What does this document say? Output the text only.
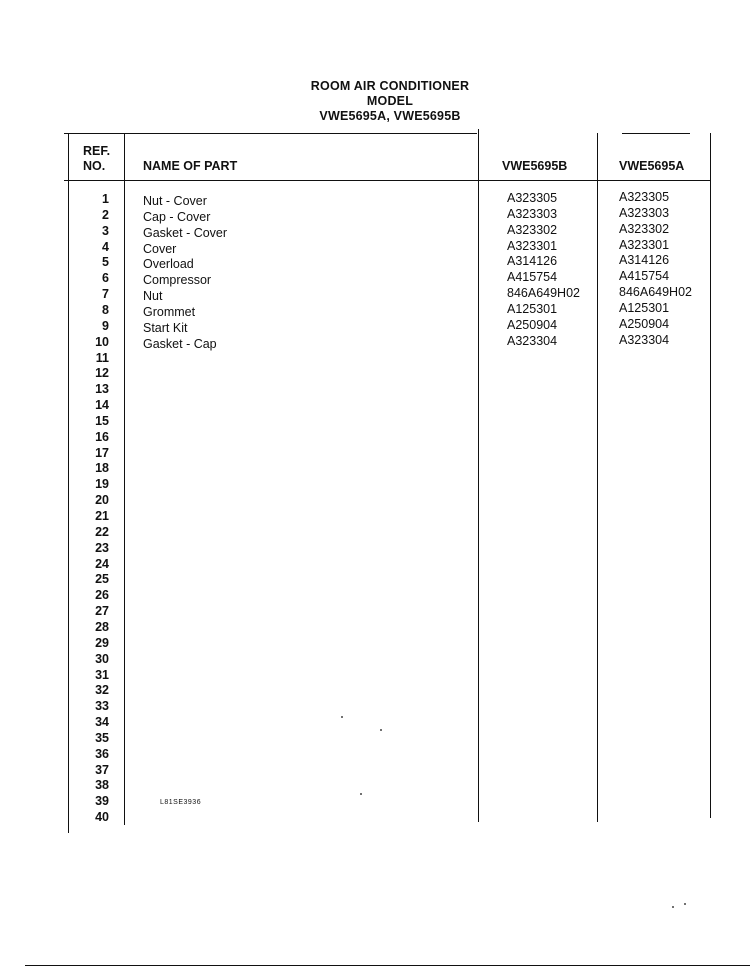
ROOM AIR CONDITIONER
MODEL
VWE5695A, VWE5695B
REF.
NO.	NAME OF PART	VWE5695B	VWE5695A
1	Nut - Cover	A323305	A323305
2	Cap - Cover	A323303	A323303
3	Gasket - Cover	A323302	A323302
4	Cover	A323301	A323301
5	Overload	A314126	A314126
6	Compressor	A415754	A415754
7	Nut	846A649H02	846A649H02
8	Grommet	A125301	A125301
9	Start Kit	A250904	A250904
10	Gasket - Cap	A323304	A323304
11
12
13
14
15
16
17
18
19
20
21
22
23
24
25
26
27
28
29
30
31
32
33
34
35
36
37
38
39
40
L81SE3936
